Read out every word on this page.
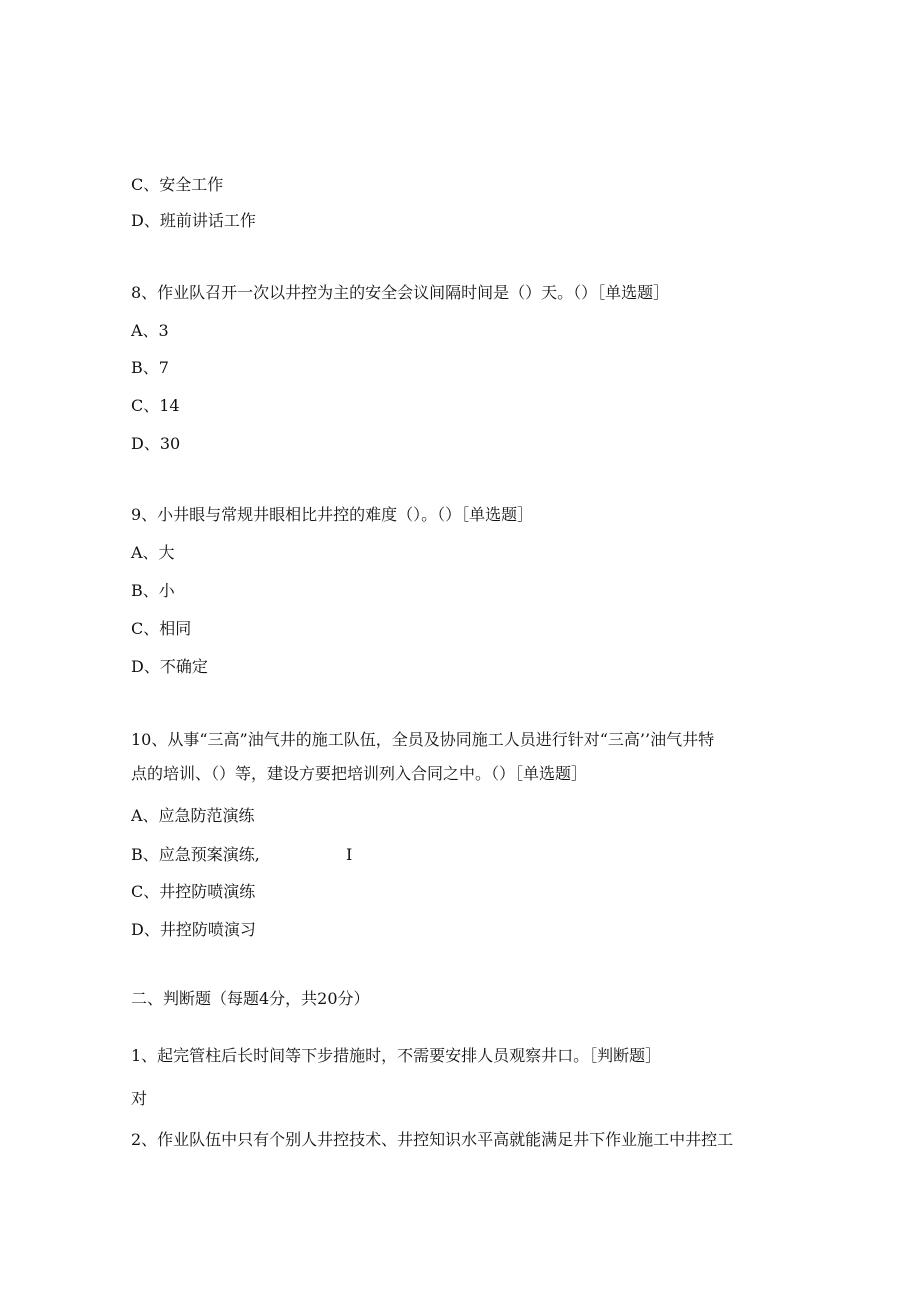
C、安全工作

D、班前讲话工作

8、作业队召开一次以井控为主的安全会议间隔时间是（）天。（）［单选题］

A、3

B、7

C、14

D、30

9、小井眼与常规井眼相比井控的难度（）。（）［单选题］

A、大

B、小

C、相同

D、不确定

10、从事“三高”油气井的施工队伍，全员及协同施工人员进行针对“三高’’油气井特

点的培训、（）等，建设方要把培训列入合同之中。（）［单选题］

A、应急防范演练

B、应急预案演练,	I

C、井控防喷演练

D、井控防喷演习

二、判断题（每题4分，共20分）

1、起完管柱后长时间等下步措施时，不需要安排人员观察井口。［判断题］

对

2、作业队伍中只有个别人井控技术、井控知识水平高就能满足井下作业施工中井控工
